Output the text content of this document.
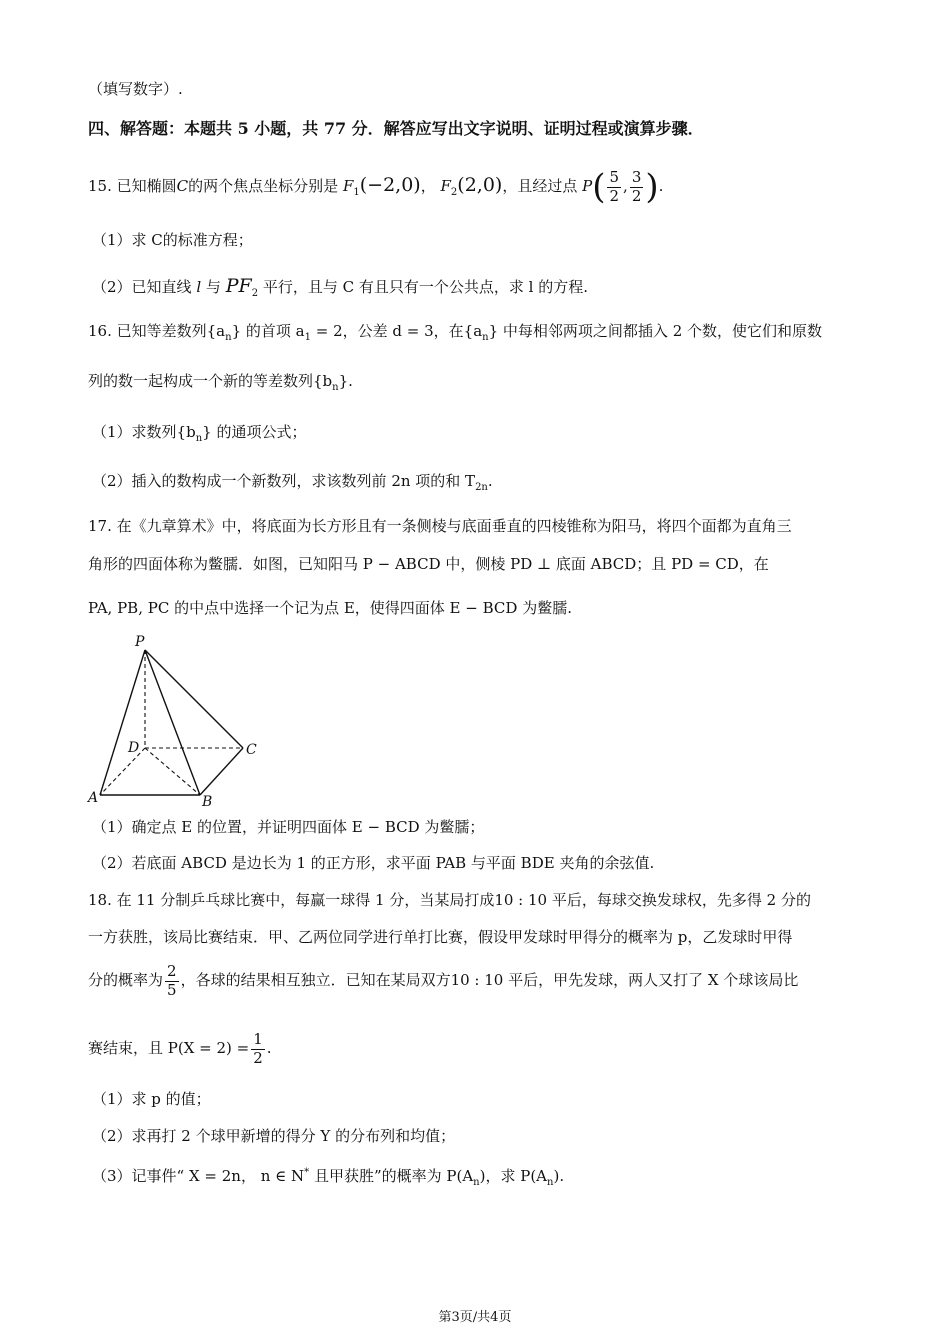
（填写数字）.
四、解答题：本题共 5 小题，共 77 分．解答应写出文字说明、证明过程或演算步骤．
15. 已知椭圆C的两个焦点坐标分别是 $F_1(-2,0)$， $F_2(2,0)$，且经过点 $P( \frac{5}{2}$ , $\frac{3}{2}$ ).
（1）求 C的标准方程；
（2）已知直线 l 与 $PF_2$ 平行，且与 C 有且只有一个公共点，求 l 的方程.
16. 已知等差数列$\{a_n\}$ 的首项 $a_1 = 2$，公差 d = 3，在$\{a_n\}$ 中每相邻两项之间都插入 2 个数，使它们和原数
列的数一起构成一个新的等差数列$\{b_n\}$.
（1）求数列$\{b_n\}$ 的通项公式；
（2）插入的数构成一个新数列，求该数列前 2n 项的和 $T_{2n}$.
17. 在《九章算术》中，将底面为长方形且有一条侧棱与底面垂直的四棱锥称为阳马，将四个面都为直角三
角形的四面体称为鳖臑．如图，已知阳马 P − ABCD 中，侧棱 PD ⊥ 底面 ABCD；且 PD = CD，在
PA, PB, PC 的中点中选择一个记为点 E，使得四面体 E − BCD 为鳖臑.
P
D	C
A	B
（1）确定点 E 的位置，并证明四面体 E − BCD 为鳖臑；
（2）若底面 ABCD 是边长为 1 的正方形，求平面 PAB 与平面 BDE 夹角的余弦值.
18. 在 11 分制乒乓球比赛中，每赢一球得 1 分，当某局打成10 : 10 平后，每球交换发球权，先多得 2 分的
一方获胜，该局比赛结束．甲、乙两位同学进行单打比赛，假设甲发球时甲得分的概率为 p，乙发球时甲得
分的概率为 $\frac{2}{5}$ ，各球的结果相互独立．已知在某局双方10 : 10 平后，甲先发球，两人又打了 X 个球该局比
赛结束，且 $P(X = 2) = \frac{1}{2}$ .
（1）求 p 的值；
（2）求再打 2 个球甲新增的得分 Y 的分布列和均值；
（3）记事件“ X = 2n， n ∈ N* 且甲获胜”的概率为 $P(A_n)$，求 $P(A_n)$.
第3页/共4页
